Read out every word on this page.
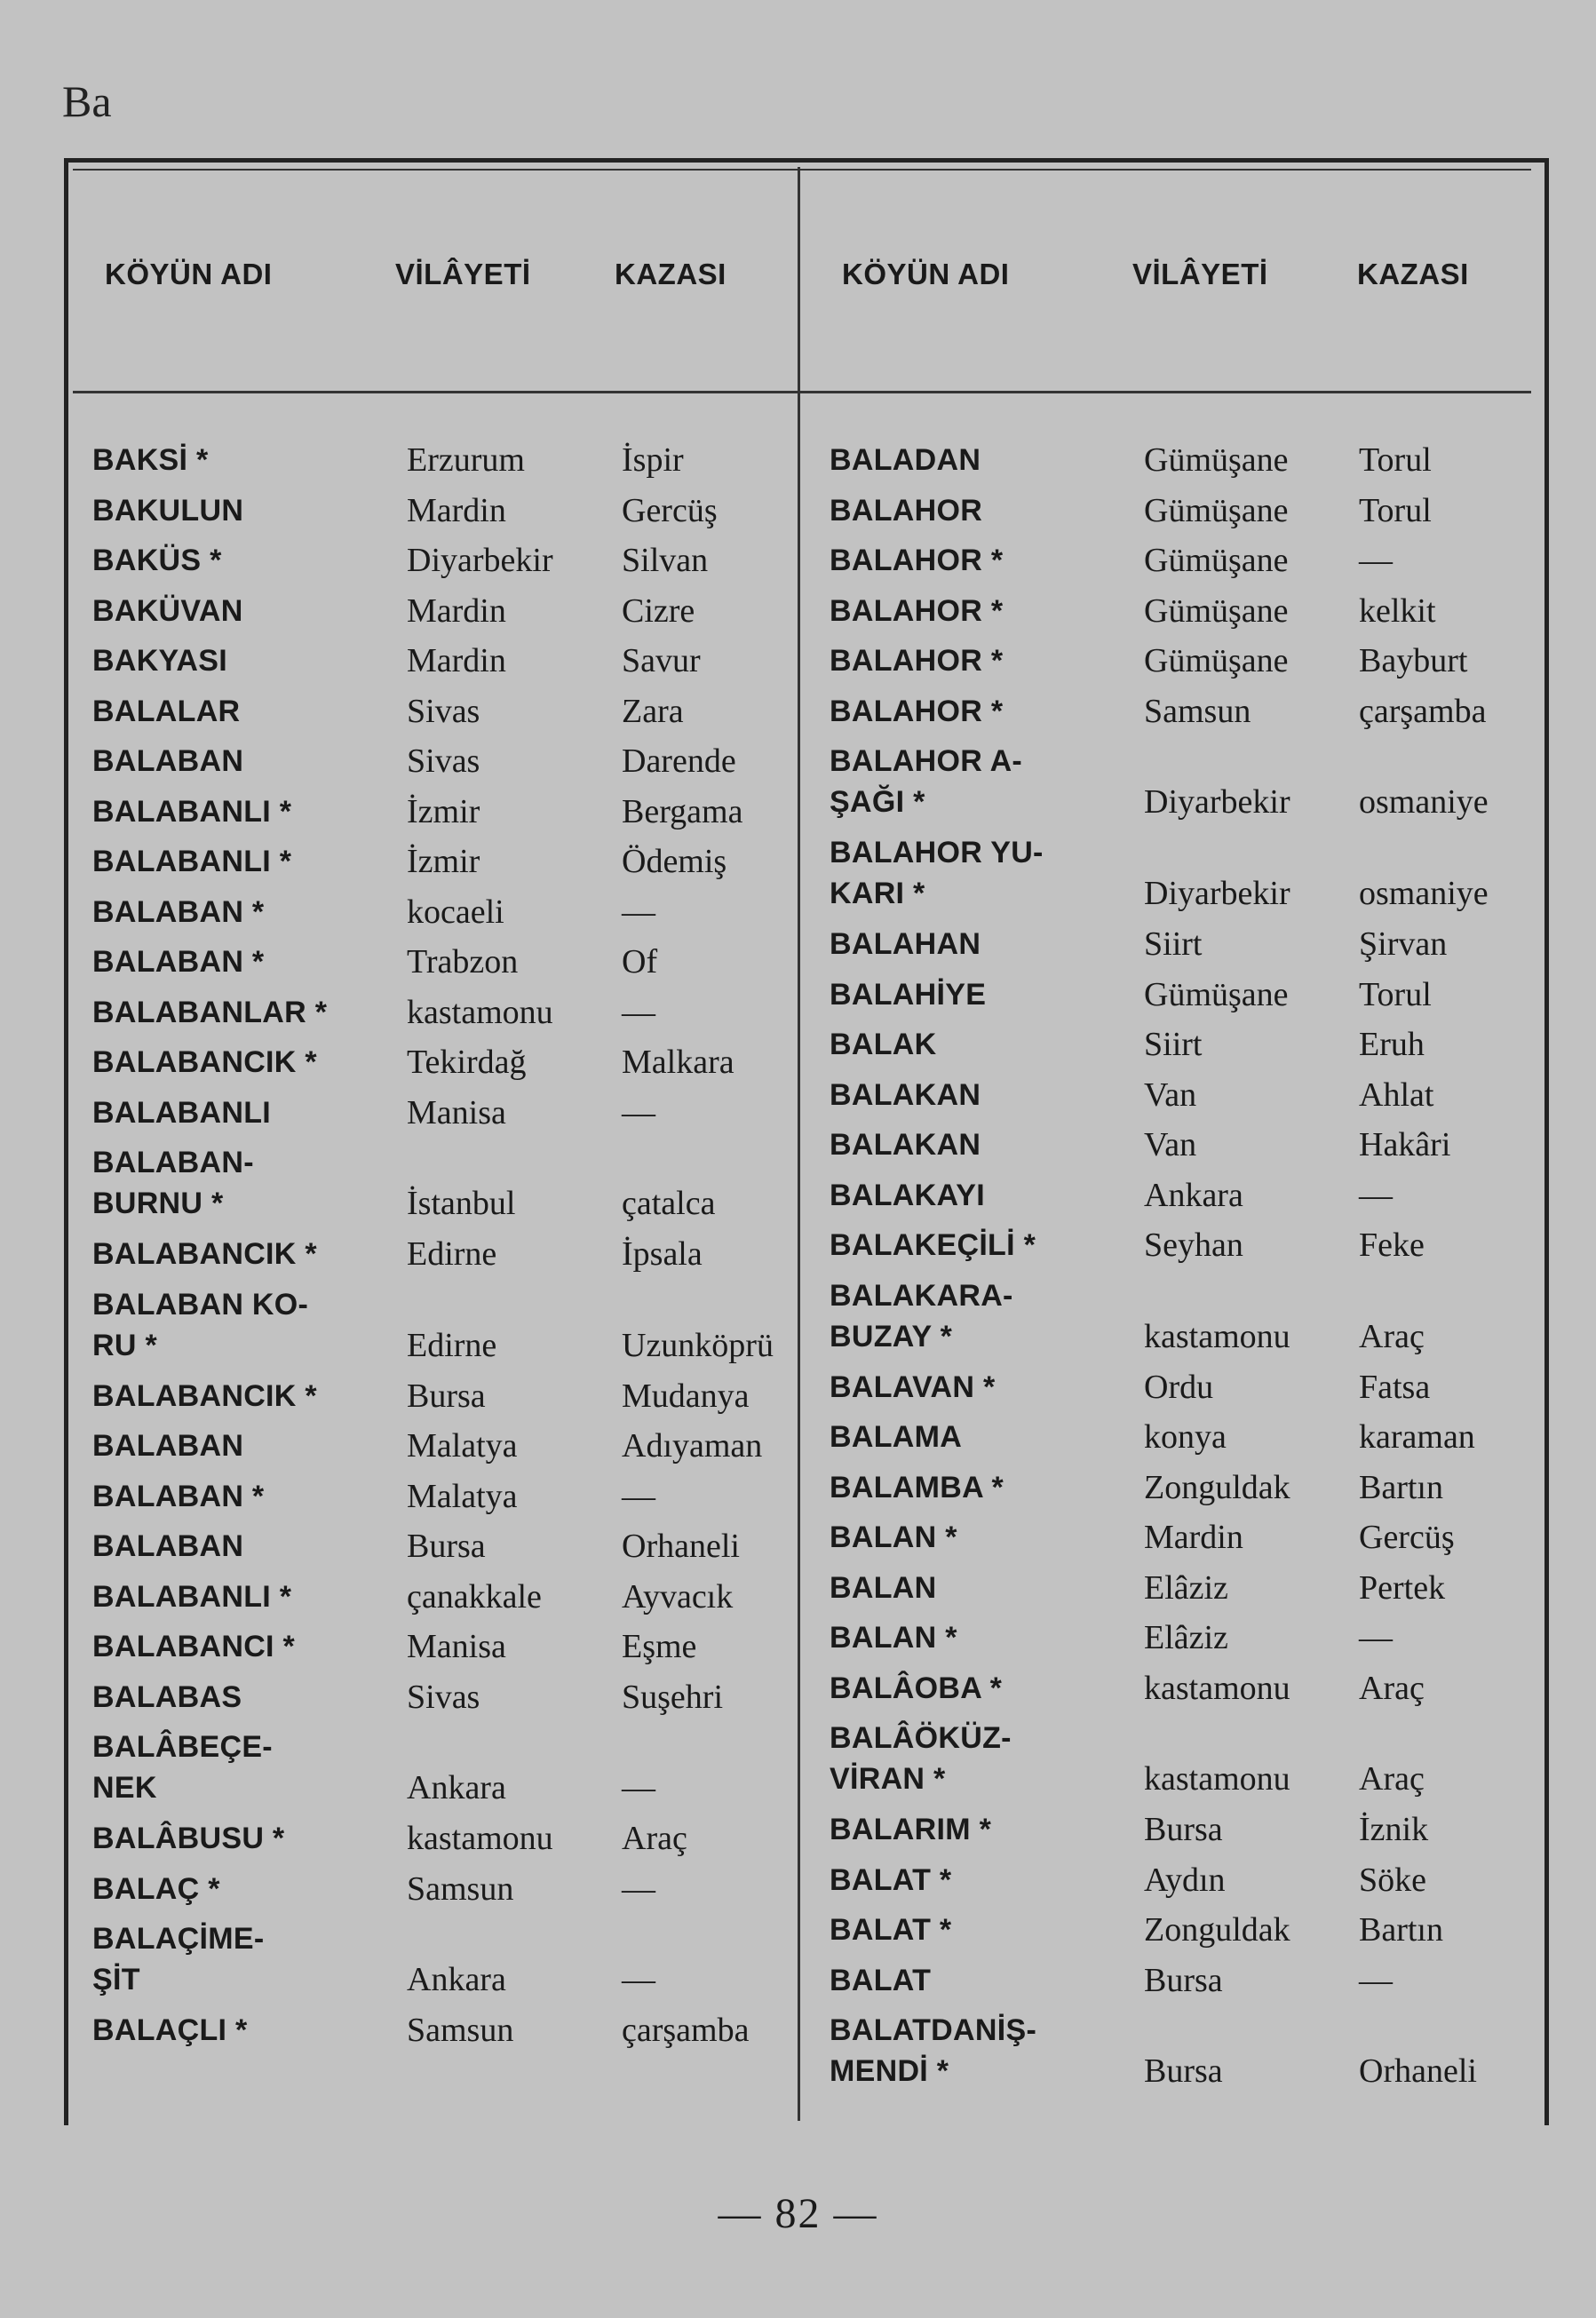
Ba
KÖYÜN ADI	VİLÂYETİ	KAZASI
BAKSİ *	Erzurum	İspir
BAKULUN	Mardin	Gercüş
BAKÜS *	Diyarbekir	Silvan
BAKÜVAN	Mardin	Cizre
BAKYASI	Mardin	Savur
BALALAR	Sivas	Zara
BALABAN	Sivas	Darende
BALABANLI *	İzmir	Bergama
BALABANLI *	İzmir	Ödemiş
BALABAN *	kocaeli	—
BALABAN *	Trabzon	Of
BALABANLAR *	kastamonu	—
BALABANCIK *	Tekirdağ	Malkara
BALABANLI	Manisa	—
BALABAN-
BURNU *	İstanbul	çatalca
BALABANCIK *	Edirne	İpsala
BALABAN KO-
RU *	Edirne	Uzunköprü
BALABANCIK *	Bursa	Mudanya
BALABAN	Malatya	Adıyaman
BALABAN *	Malatya	—
BALABAN	Bursa	Orhaneli
BALABANLI *	çanakkale	Ayvacık
BALABANCI *	Manisa	Eşme
BALABAS	Sivas	Suşehri
BALÂBEÇE-
NEK	Ankara	—
BALÂBUSU *	kastamonu	Araç
BALAÇ *	Samsun	—
BALAÇİME-
ŞİT	Ankara	—
BALAÇLI *	Samsun	çarşamba
KÖYÜN ADI	VİLÂYETİ	KAZASI
BALADAN	Gümüşane	Torul
BALAHOR	Gümüşane	Torul
BALAHOR *	Gümüşane	—
BALAHOR *	Gümüşane	kelkit
BALAHOR *	Gümüşane	Bayburt
BALAHOR *	Samsun	çarşamba
BALAHOR A-
ŞAĞI *	Diyarbekir	osmaniye
BALAHOR YU-
KARI *	Diyarbekir	osmaniye
BALAHAN	Siirt	Şirvan
BALAHİYE	Gümüşane	Torul
BALAK	Siirt	Eruh
BALAKAN	Van	Ahlat
BALAKAN	Van	Hakâri
BALAKAYI	Ankara	—
BALAKEÇİLİ *	Seyhan	Feke
BALAKARA-
BUZAY *	kastamonu	Araç
BALAVAN *	Ordu	Fatsa
BALAMA	konya	karaman
BALAMBA *	Zonguldak	Bartın
BALAN *	Mardin	Gercüş
BALAN	Elâziz	Pertek
BALAN *	Elâziz	—
BALÂOBA *	kastamonu	Araç
BALÂÖKÜZ-
VİRAN *	kastamonu	Araç
BALARIM *	Bursa	İznik
BALAT *	Aydın	Söke
BALAT *	Zonguldak	Bartın
BALAT	Bursa	—
BALATDANİŞ-
MENDİ *	Bursa	Orhaneli
— 82 —
